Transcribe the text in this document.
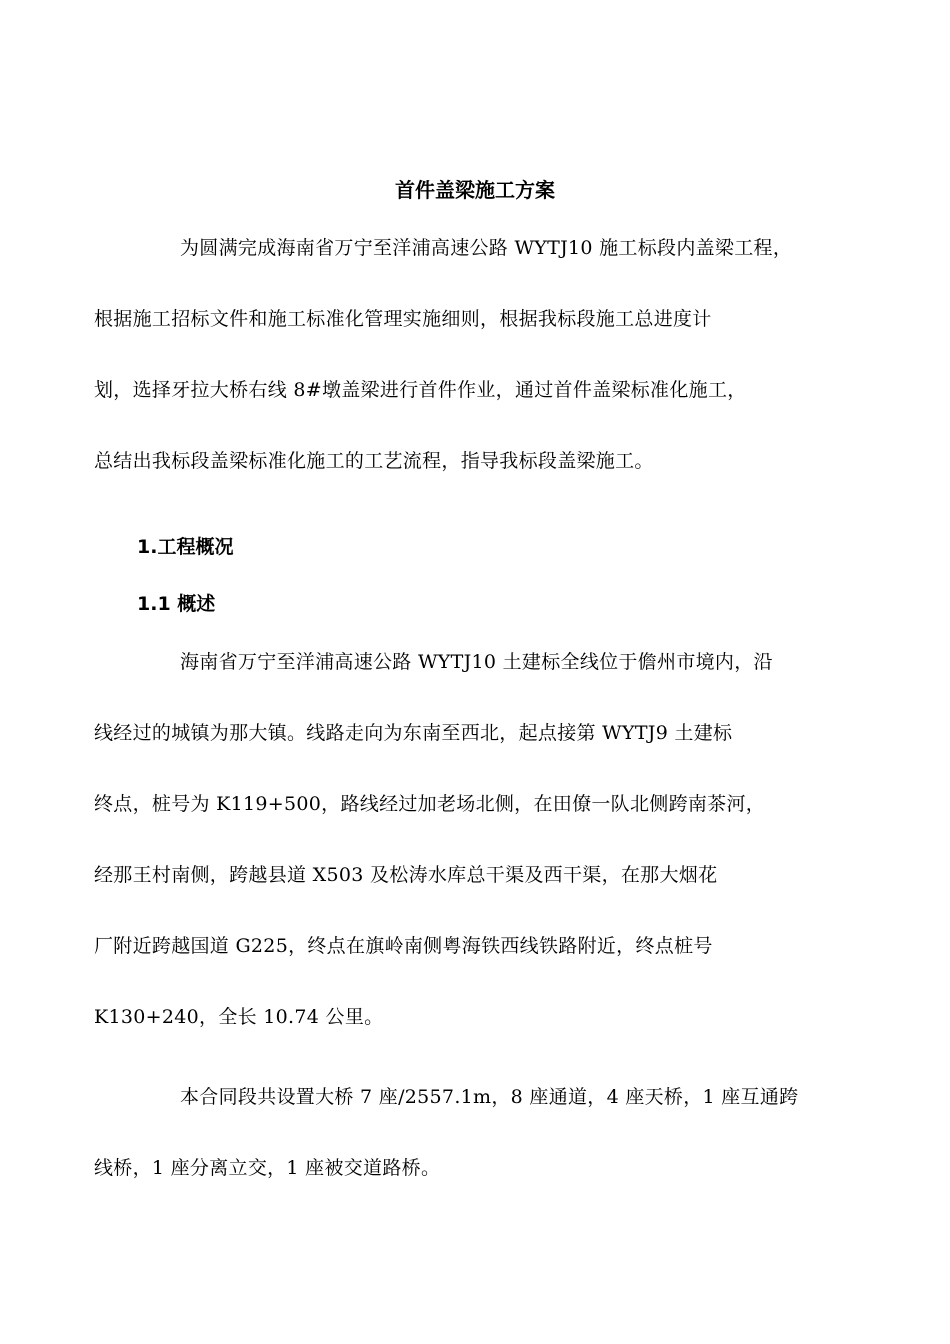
首件盖梁施工方案

为圆满完成海南省万宁至洋浦高速公路 WYTJ10 施工标段内盖梁工程，
根据施工招标文件和施工标准化管理实施细则，根据我标段施工总进度计
划，选择牙拉大桥右线 8#墩盖梁进行首件作业，通过首件盖梁标准化施工，
总结出我标段盖梁标准化施工的工艺流程，指导我标段盖梁施工。

1.工程概况
1.1 概述

海南省万宁至洋浦高速公路 WYTJ10 土建标全线位于儋州市境内，沿
线经过的城镇为那大镇。线路走向为东南至西北，起点接第 WYTJ9 土建标
终点，桩号为 K119+500，路线经过加老场北侧，在田僚一队北侧跨南茶河，
经那王村南侧，跨越县道 X503 及松涛水库总干渠及西干渠，在那大烟花
厂附近跨越国道 G225，终点在旗岭南侧粤海铁西线铁路附近，终点桩号
K130+240，全长 10.74 公里。

本合同段共设置大桥 7 座/2557.1m，8 座通道，4 座天桥，1 座互通跨
线桥，1 座分离立交，1 座被交道路桥。
